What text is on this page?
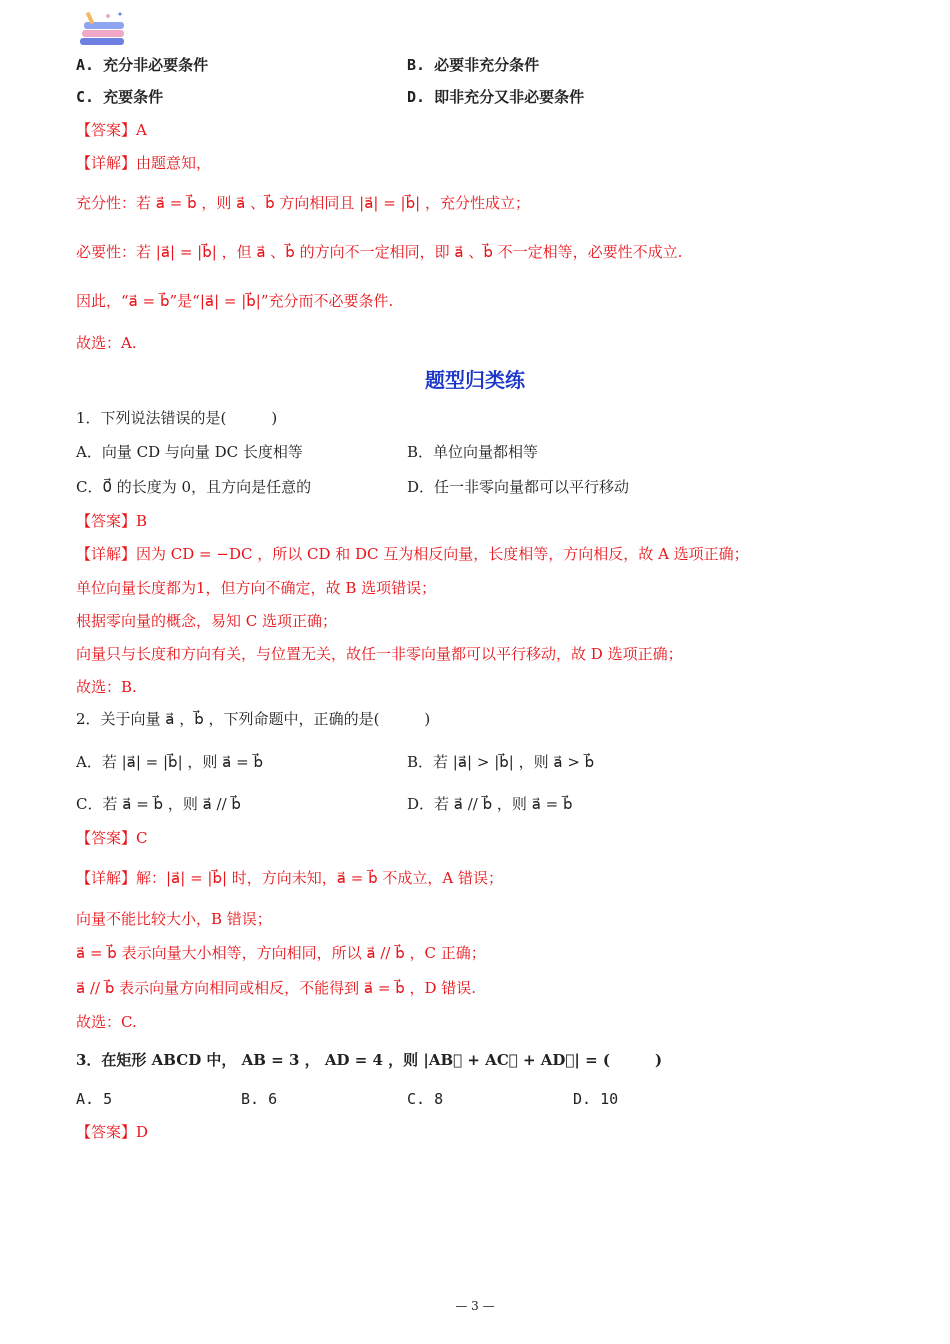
A. 充分非必要条件	B. 必要非充分条件
C. 充要条件	D. 即非充分又非必要条件
【答案】A
【详解】由题意知，
充分性：若 a⃗ = b⃗ ，则 a⃗ 、b⃗ 方向相同且 |a⃗| = |b⃗| ，充分性成立；
必要性：若 |a⃗| = |b⃗| ，但 a⃗ 、b⃗ 的方向不一定相同，即 a⃗ 、b⃗ 不一定相等，必要性不成立.
因此，“a⃗ = b⃗”是“|a⃗| = |b⃗|”充分而不必要条件.
故选：A.
题型归类练
1．下列说法错误的是(　　　)
A．向量 CD 与向量 DC 长度相等	B．单位向量都相等
C．0⃗ 的长度为 0，且方向是任意的	D．任一非零向量都可以平行移动
【答案】B
【详解】因为 CD = −DC ，所以 CD 和 DC 互为相反向量，长度相等，方向相反，故 A 选项正确；
单位向量长度都为1，但方向不确定，故 B 选项错误；
根据零向量的概念，易知 C 选项正确；
向量只与长度和方向有关，与位置无关，故任一非零向量都可以平行移动，故 D 选项正确；
故选：B.
2．关于向量 a⃗ ，b⃗ ，下列命题中，正确的是(　　　)
A．若 |a⃗| = |b⃗| ，则 a⃗ = b⃗	B．若 |a⃗| > |b⃗| ，则 a⃗ > b⃗
C．若 a⃗ = b⃗ ，则 a⃗ // b⃗	D．若 a⃗ // b⃗ ，则 a⃗ = b⃗
【答案】C
【详解】解：|a⃗| = |b⃗| 时，方向未知，a⃗ = b⃗ 不成立，A 错误；
向量不能比较大小，B 错误；
a⃗ = b⃗ 表示向量大小相等，方向相同，所以 a⃗ // b⃗ ，C 正确；
a⃗ // b⃗ 表示向量方向相同或相反，不能得到 a⃗ = b⃗ ，D 错误.
故选：C.
3．在矩形 ABCD 中， AB = 3 ， AD = 4 ，则 |AB⃗ + AC⃗ + AD⃗| = (　　　)
A. 5	B. 6	C. 8	D. 10
【答案】D
— 3 —
